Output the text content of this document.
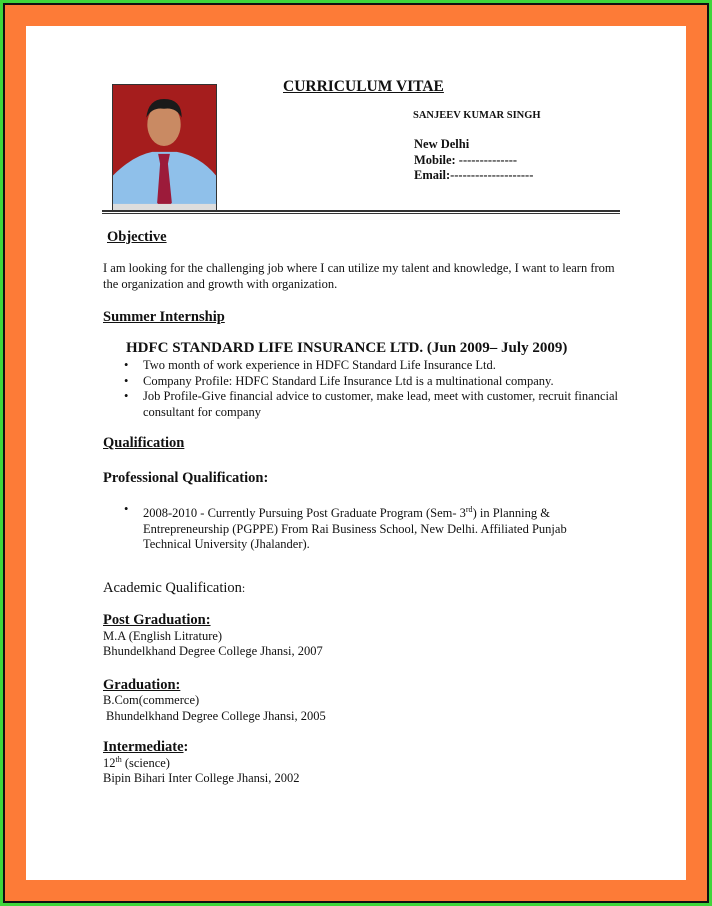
CURRICULUM VITAE
SANJEEV KUMAR SINGH
New Delhi
Mobile: --------------
Email:--------------------
Objective
I am looking for the challenging job where I can utilize my talent and knowledge, I want to learn from the organization and growth with organization.
Summer Internship
HDFC STANDARD LIFE INSURANCE LTD. (Jun 2009– July 2009)
• Two month of work experience in HDFC Standard Life Insurance Ltd.
• Company Profile: HDFC Standard Life Insurance Ltd is a multinational company.
• Job Profile-Give financial advice to customer, make lead, meet with customer, recruit financial consultant for company
Qualification
Professional Qualification:
• 2008-2010 - Currently Pursuing Post Graduate Program (Sem- 3rd) in Planning & Entrepreneurship (PGPPE) From Rai Business School, New Delhi. Affiliated Punjab Technical University (Jhalander).
Academic Qualification:
Post Graduation:
M.A (English Litrature)
Bhundelkhand Degree College Jhansi, 2007
Graduation:
B.Com(commerce)
Bhundelkhand Degree College Jhansi, 2005
Intermediate:
12th (science)
Bipin Bihari Inter College Jhansi, 2002
